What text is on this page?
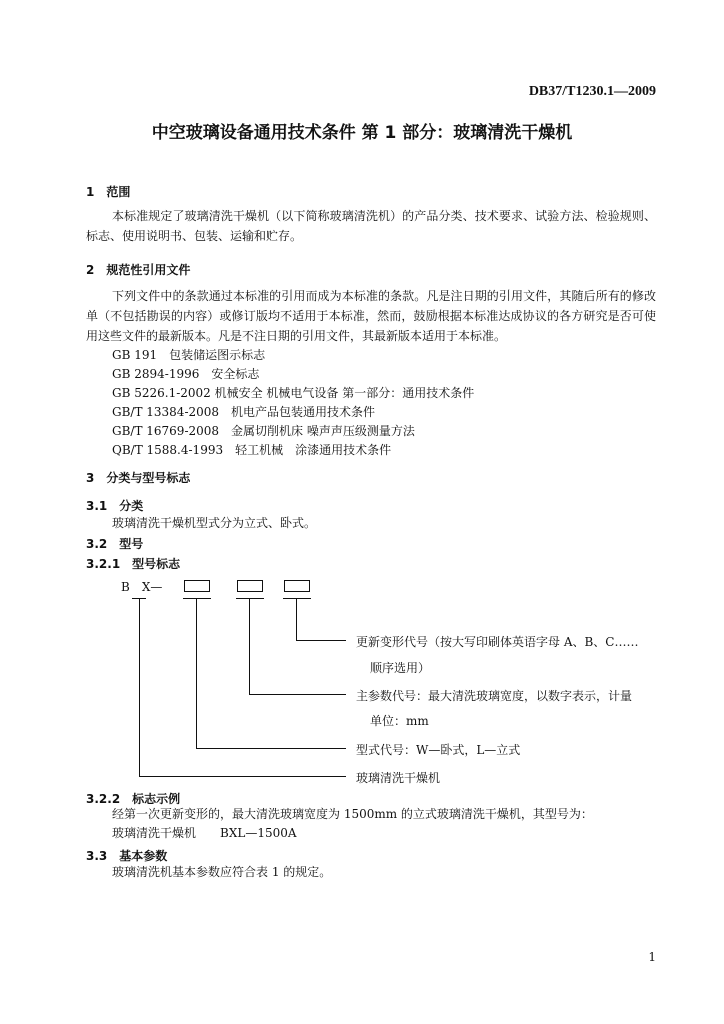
DB37/T1230.1—2009
中空玻璃设备通用技术条件 第 1 部分：玻璃清洗干燥机
1　范围
本标准规定了玻璃清洗干燥机（以下简称玻璃清洗机）的产品分类、技术要求、试验方法、检验规则、标志、使用说明书、包装、运输和贮存。
2　规范性引用文件
下列文件中的条款通过本标准的引用而成为本标准的条款。凡是注日期的引用文件，其随后所有的修改单（不包括勘误的内容）或修订版均不适用于本标准，然而，鼓励根据本标准达成协议的各方研究是否可使用这些文件的最新版本。凡是不注日期的引用文件，其最新版本适用于本标准。
GB 191　包装储运图示标志
GB 2894-1996　安全标志
GB 5226.1-2002 机械安全 机械电气设备 第一部分：通用技术条件
GB/T 13384-2008　机电产品包装通用技术条件
GB/T 16769-2008　金属切削机床 噪声声压级测量方法
QB/T 1588.4-1993　轻工机械　涂漆通用技术条件
3　分类与型号标志
3.1　分类
玻璃清洗干燥机型式分为立式、卧式。
3.2　型号
3.2.1　型号标志
B　X—
更新变形代号（按大写印刷体英语字母 A、B、C……
顺序选用）
主参数代号：最大清洗玻璃宽度，以数字表示，计量
单位：mm
型式代号：W—卧式，L—立式
玻璃清洗干燥机
3.2.2　标志示例
经第一次更新变形的，最大清洗玻璃宽度为 1500mm 的立式玻璃清洗干燥机，其型号为：
玻璃清洗干燥机　　BXL—1500A
3.3　基本参数
玻璃清洗机基本参数应符合表 1 的规定。
1
